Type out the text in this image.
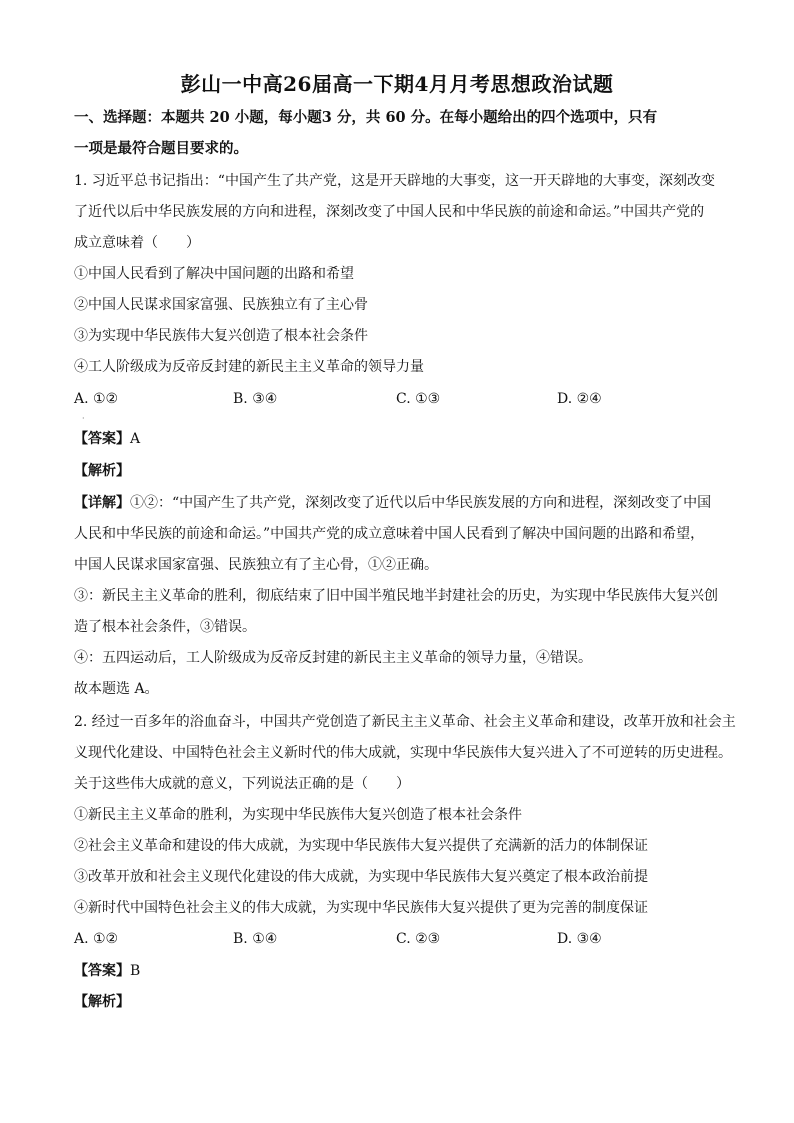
彭山一中高26届高一下期4月月考思想政治试题
一、选择题：本题共 20 小题，每小题3 分，共 60 分。在每小题给出的四个选项中，只有
一项是最符合题目要求的。
1. 习近平总书记指出：“中国产生了共产党，这是开天辟地的大事变，这一开天辟地的大事变，深刻改变
了近代以后中华民族发展的方向和进程，深刻改变了中国人民和中华民族的前途和命运。”中国共产党的
成立意味着（　　）
①中国人民看到了解决中国问题的出路和希望
②中国人民谋求国家富强、民族独立有了主心骨
③为实现中华民族伟大复兴创造了根本社会条件
④工人阶级成为反帝反封建的新民主主义革命的领导力量
A. ①②	B. ③④	C. ①③	D. ②④
·
【答案】A
【解析】
【详解】①②：“中国产生了共产党，深刻改变了近代以后中华民族发展的方向和进程，深刻改变了中国
人民和中华民族的前途和命运。”中国共产党的成立意味着中国人民看到了解决中国问题的出路和希望，
中国人民谋求国家富强、民族独立有了主心骨，①②正确。
③：新民主主义革命的胜利，彻底结束了旧中国半殖民地半封建社会的历史，为实现中华民族伟大复兴创
造了根本社会条件，③错误。
④：五四运动后，工人阶级成为反帝反封建的新民主主义革命的领导力量，④错误。
故本题选 A。
2. 经过一百多年的浴血奋斗，中国共产党创造了新民主主义革命、社会主义革命和建设，改革开放和社会主
义现代化建设、中国特色社会主义新时代的伟大成就，实现中华民族伟大复兴进入了不可逆转的历史进程。
关于这些伟大成就的意义，下列说法正确的是（　　）
①新民主主义革命的胜利，为实现中华民族伟大复兴创造了根本社会条件
②社会主义革命和建设的伟大成就，为实现中华民族伟大复兴提供了充满新的活力的体制保证
③改革开放和社会主义现代化建设的伟大成就，为实现中华民族伟大复兴奠定了根本政治前提
④新时代中国特色社会主义的伟大成就，为实现中华民族伟大复兴提供了更为完善的制度保证
A. ①②	B. ①④	C. ②③	D. ③④
【答案】B
【解析】
